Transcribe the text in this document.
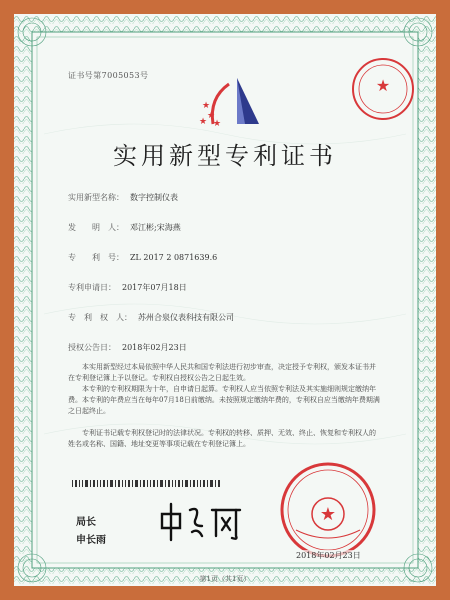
证书号第7005053号
★
★
★
★
★
实用新型专利证书
实用新型名称： 数字控制仪表
发　　明　人： 邓江彬;宋海燕
专　　利　号： ZL 2017 2 0871639.6
专利申请日： 2017年07月18日
专　利　权　人： 苏州合泉仪表科技有限公司
授权公告日： 2018年02月23日
本实用新型经过本局依照中华人民共和国专利法进行初步审查，决定授予专利权，颁发本证书并在专利登记簿上予以登记。专利权自授权公告之日起生效。
本专利的专利权期限为十年，自申请日起算。专利权人应当依照专利法及其实施细则规定缴纳年费。本专利的年费应当在每年07月18日前缴纳。未按照规定缴纳年费的，专利权自应当缴纳年费期满之日起终止。
专利证书记载专利权登记时的法律状况。专利权的转移、质押、无效、终止、恢复和专利权人的姓名或名称、国籍、地址变更等事项记载在专利登记簿上。
局长
申长雨
★
2018年02月23日
第1页（共1页）
